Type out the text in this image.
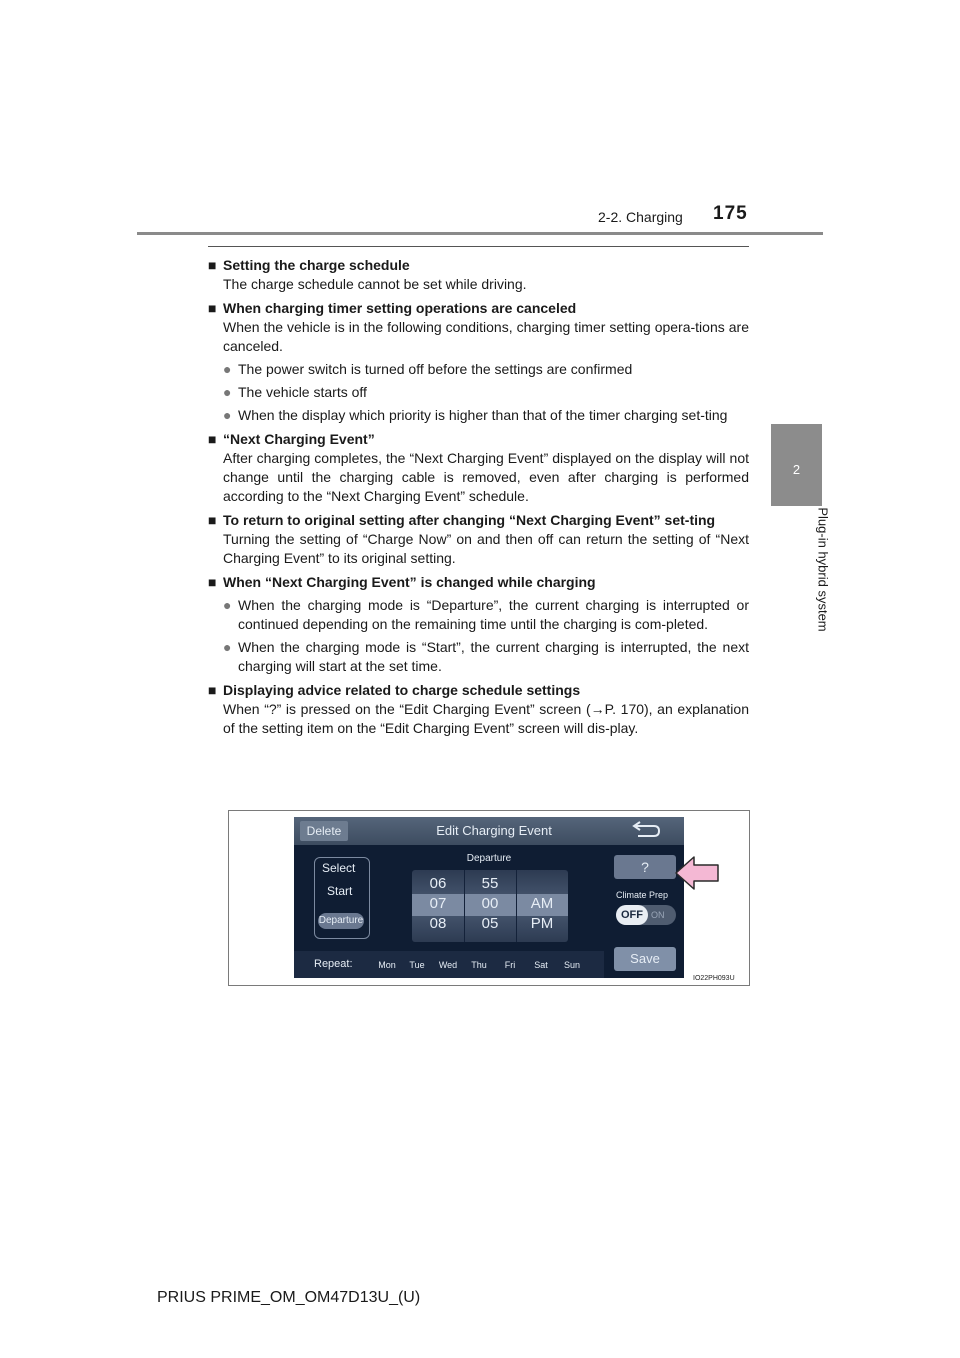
2-2. Charging 175
2
Plug-in hybrid system
■ Setting the charge schedule
The charge schedule cannot be set while driving.
■ When charging timer setting operations are canceled
When the vehicle is in the following conditions, charging timer setting opera-tions are canceled.
● The power switch is turned off before the settings are confirmed
● The vehicle starts off
● When the display which priority is higher than that of the timer charging set-ting
■ “Next Charging Event”
After charging completes, the “Next Charging Event” displayed on the display will not change until the charging cable is removed, even after charging is performed according to the “Next Charging Event” schedule.
■ To return to original setting after changing “Next Charging Event” set-ting
Turning the setting of “Charge Now” on and then off can return the setting of “Next Charging Event” to its original setting.
■ When “Next Charging Event” is changed while charging
● When the charging mode is “Departure”, the current charging is interrupted or continued depending on the remaining time until the charging is com-pleted.
● When the charging mode is “Start”, the current charging is interrupted, the next charging will start at the set time.
■ Displaying advice related to charge schedule settings
When “?” is pressed on the “Edit Charging Event” screen (→P. 170), an explanation of the setting item on the “Edit Charging Event” screen will dis-play.
Delete	Edit Charging Event
Select
Start
Departure
Departure
06
07
08
55
00
05
AM
PM
?
Climate Prep
OFF ON
Save
Repeat:	Mon	Tue	Wed	Thu	Fri	Sat	Sun
IO22PH093U
PRIUS PRIME_OM_OM47D13U_(U)
